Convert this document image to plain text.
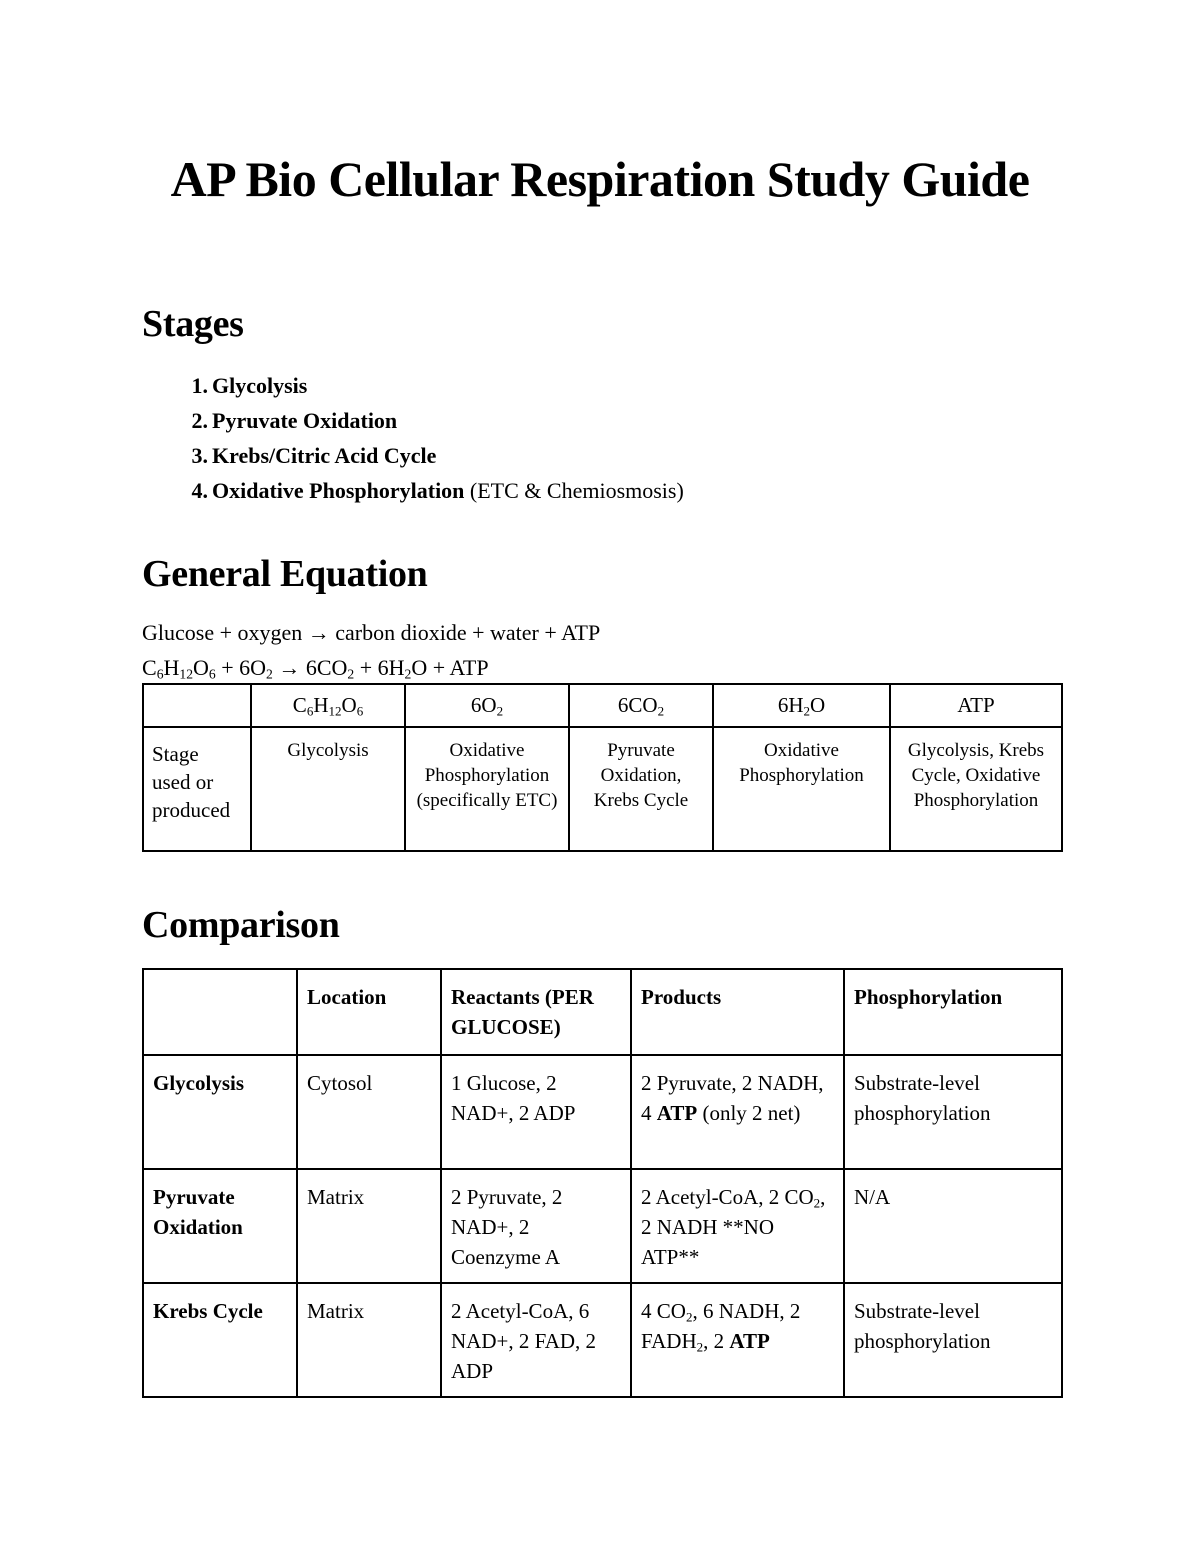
AP Bio Cellular Respiration Study Guide
Stages
1. Glycolysis
2. Pyruvate Oxidation
3. Krebs/Citric Acid Cycle
4. Oxidative Phosphorylation (ETC & Chemiosmosis)
General Equation

Glucose + oxygen → carbon dioxide + water + ATP

$C_6H_{12}O_6 + 6O_2 \to 6CO_2 + 6H_2O$ + ATP

	$C_6H_{12}O_6$	$6O_2$	$6CO_2$	$6H_2O$	ATP
Stage used or produced	Glycolysis	Oxidative Phosphorylation (specifically ETC)	Pyruvate Oxidation, Krebs Cycle	Oxidative Phosphorylation	Glycolysis, Krebs Cycle, Oxidative Phosphorylation
Comparison
	Location	Reactants (PER GLUCOSE)	Products	Phosphorylation
Glycolysis	Cytosol	1 Glucose, 2 NAD+, 2 ADP	2 Pyruvate, 2 NADH, 4 ATP (only 2 net)	Substrate-level phosphorylation
Pyruvate Oxidation	Matrix	2 Pyruvate, 2 NAD+, 2 Coenzyme A	2 Acetyl-CoA, 2 $CO_2$, 2 NADH **NO ATP**	N/A
Krebs Cycle	Matrix	2 Acetyl-CoA, 6 NAD+, 2 FAD, 2 ADP	4 $CO_2$, 6 NADH, 2 $FADH_2$, 2 ATP	Substrate-level phosphorylation
